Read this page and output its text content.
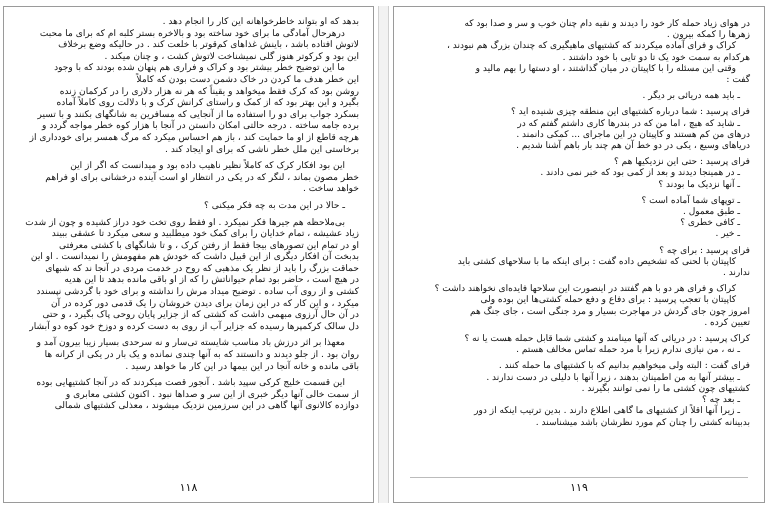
بدهد که او بتواند خاطرخواهانه این کار را انجام دهد .

درهرحال آمادگی ما برای خود ساخته بود و بالاخره بستر کلبه ام که برای ما محبت

لاتوش افتاده باشد ، باینش غذاهای کم‌قوتر با خلعت کند . در حالیکه وضع برخلاف

این بود و کرکوتر هنوز گلی نمیشناخت لاتوش کشت ، و چنان میکند .

ما این توضیح خطر بیشتر بود و کراک و فراری هم پنهان شده بودند که با وجود

این خطر هدف ما کردن در خاک دشمن دست بودن که کاملاً

روشن بود که کرک فقط میخواهد و یقیناً که هر نه هزار دلاری را در کرکمان زنده

بگیرد و این بهتر بود که از کمک و راستای کرانش کرک و با دلالت روی کاملاً آماده

بسکرد جواب برای دو را استفاده ما از آنجایی که مسافرین به شانگهای بکنند و با تسیر

برده جامه ساخته . درجه حالتی امکان دانستن در آنجا با هزار کوه خطر مواجه گردد و

هرچه قاطع از او ما حمایت کند ، باز هم احساس میکرد که مرگ همسر برای خودداری از

برخاستی این ملل خطر ناشی که برای او ایجاد کند .

این بود افکار کرک که کاملاً نظیر ناهیب داده بود و میدانست که اگر از این

خطر مصون بماند ، لنگر که در یکی در انتظار او است آینده درخشانی برای او فراهم

خواهد ساخت .

ـ حالا در این مدت به چه فکر میکنی ؟

بی‌ملاحظه هم جیرها فکر نمیکرد . او فقط روی تخت خود دراز کشیده و چون از شدت

زیاد عشیشه ، تمام خدایان را برای کمک خود میطلبید و سعی میکرد تا عشقی ببیند

او در تمام این تصورهای بیجا فقط از رفتن کرک ، و تا شانگهای با کشتی معرفتی

بدبخت آن افکار دیگری از این قبیل داشت که خودش هم مفهومش را نمیدانست . او این

حماقت بزرگ را باید از نظر یک مذهبی که روح در خدمت مردی در آنجا ند که شبهای

در هیچ است ، حاضر بود تمام حیواناتش را که از او باقی مانده بدهد تا این هدیه

کشتی و از روی آب ساده . توضیح میداد مرش را نداشته و برای خود با گردشی نپسندد

میکرد ، و این کار که در این زمان برای دیدن خروشان را یک قدمی دور کرده در آن

در آن حال آرزوی مبهمی داشت که کشتی که از جزایر پایان روحی پاک بگیرد ، و حتی

دل سالک کرکمپرها رسیده که جزایر آب از روی به دست کرده و دوزخ خود کوه دو آبشار

معهذا بر اثر درزش باد مناسب شایسته تی‌سار و نه سرحدی بسیار زیبا بیرون آمد و

روان بود . از جلو دیدند و دانستند که به آنها چندی نمانده و یک بار در یکی از کرانه ها

باقی مانده و خانه آنجا در این بیمها در این کار ما خواهد رسید .

این قسمت خلیج کرکی سپید باشد . آنجور قصت میکردند که در آنجا کشتیهایی بوده

از سمت خالی آنها دیگر خبری از این سر و صداها نبود . اکنون کشتی معابری و

دوازده کالانوی آنها گاهی در این سرزمین نزدیک میشوند ، معذلی کشتیهای شمالی

۱۱۸

در هوای زیاد حمله کار خود را دیدند و نقیه دام چنان خوب و سر و صدا بود که

زهرها را کمکه بیرون .

کراک و فرای آماده میکردند که کشتیهای ماهیگیری که چندان بزرگ هم نبودند ،

هرکدام به سمت خود یک تا دو تایی با خود داشتند .

وقتی این مسئله را با کاپیتان در میان گذاشتند ، او دستها را بهم مالید و

گفت :

ـ باید همه دریائی بر دیگر .

فرای پرسید : شما درباره کشتیهای این منطقه چیزی شنیده اید ؟

ـ شاید که هیچ ، اما من که در بندرها کاری داشتم گفتم که در

درهای من کم هستند و کاپیتان در این ماجرای ... کمکی دانمند .

دریاهای وسیع ، یکی در دو خط آن هم چند بار باهم آشنا شدیم .

فرای پرسید : حتی این نزدیکیها هم ؟

ـ در همینجا دیدند و بعد از کمی بود که خبر نمی دادند .

ـ آنها نزدیک ما بودند ؟

ـ توپهای شما آماده است ؟

ـ طبق معمول .

ـ کافی خطری ؟

ـ خیر .

فرای پرسید : برای چه ؟

کاپیتان با لحنی که تشخیص داده گفت : برای اینکه ما با سلاحهای کشتی باید

ندارند .

کراک و فرای هر دو با هم گفتند در اینصورت این سلاحها فایده‌ای نخواهند داشت ؟

کاپیتان با تعجب پرسید : برای دفاع و دفع حمله کشتی‌ها این بوده ولی

امروز چون جای گردش در مهاجرت بسیار و مرد جنگی است ، جای جنگ هم

تعیین کرده .

کراک پرسید : در دریائی که آنها مینامند و کشتی شما قابل حمله هست یا نه ؟

ـ نه ، من نیازی ندارم زیرا با مرد حمله تماس مخالف هستم .

فرای گفت : البته ولی میخواهیم بدانیم که با کشتیهای ما حمله کنند .

ـ بیشتر آنها به من اطمینان بدهند ، زیرا آنها با دلیلی در دست ندارند .

کشتیهای چون کشتی ما را نمی توانند بگیرند .

ـ بعد چه ؟

ـ زیرا آنها اقلاً از کشتیهای ما گاهی اطلاع دارند . بدین ترتیب اینکه از دور

بدبینانه کشتی را چنان کم مورد نظرشان باشد میشناسند .

۱۱۹
